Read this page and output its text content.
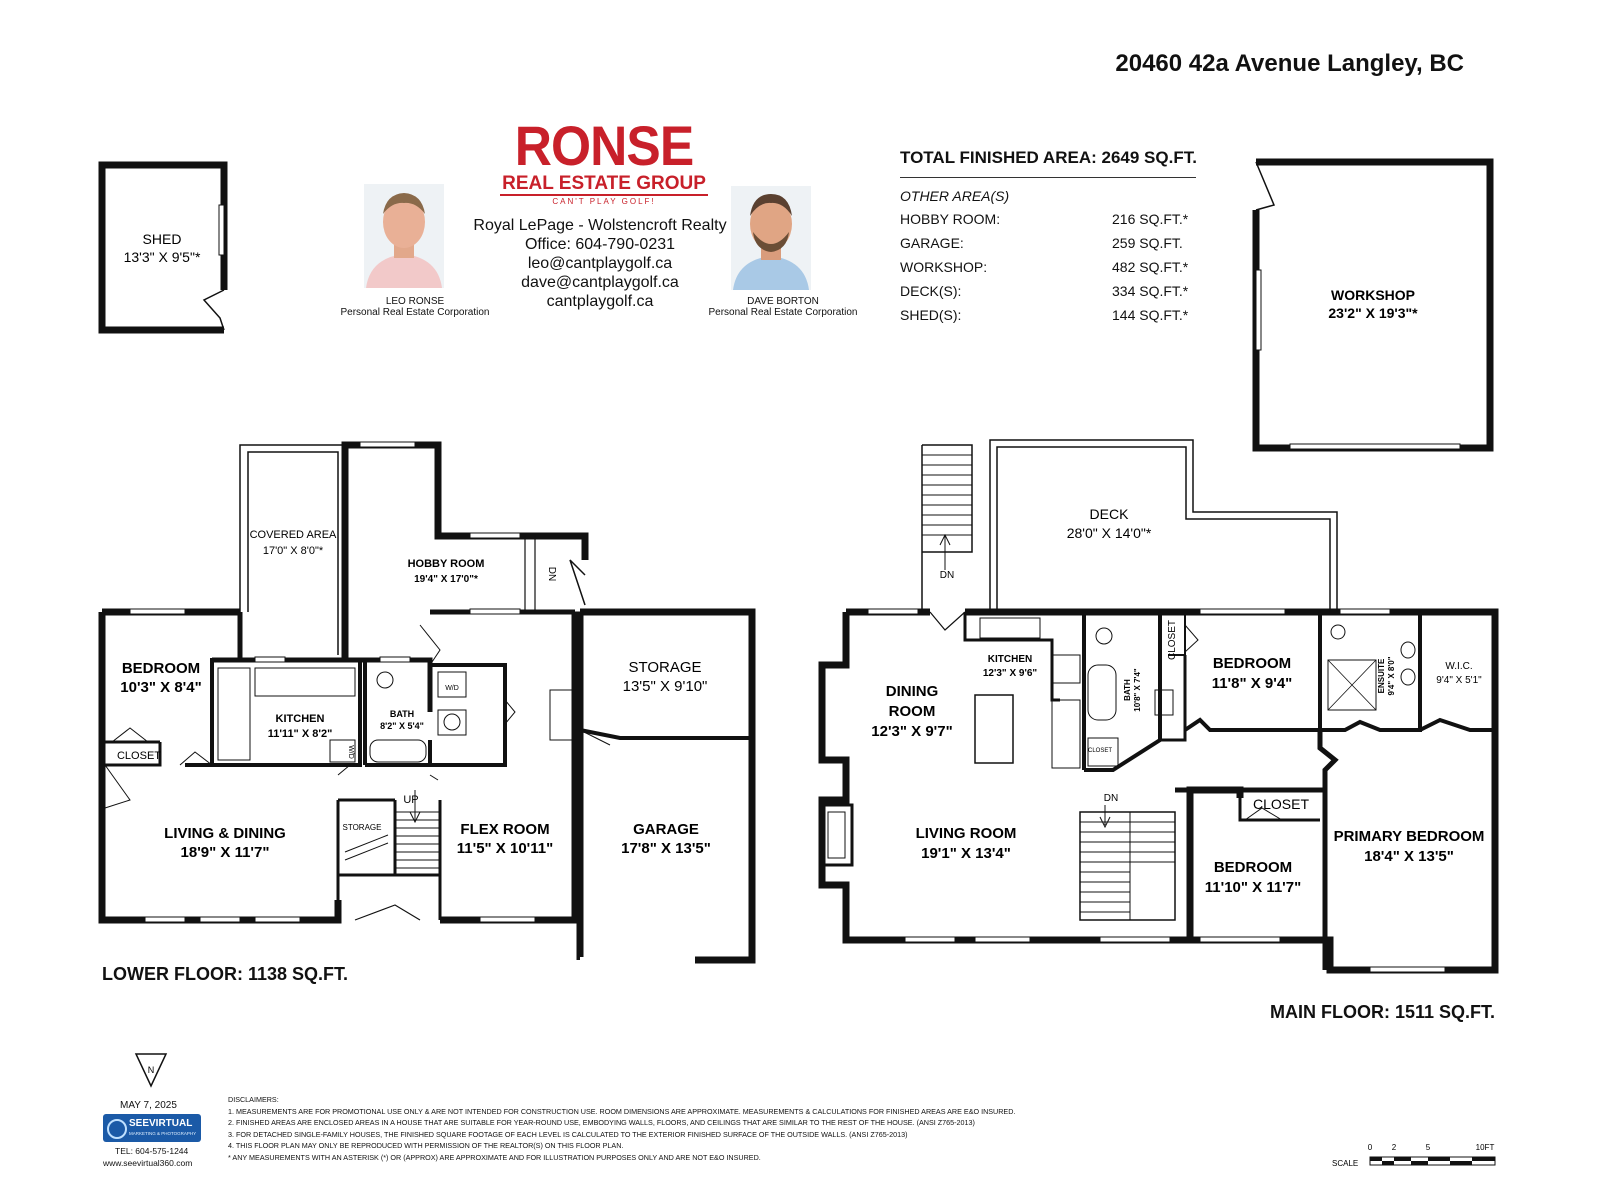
20460 42a Avenue Langley, BC
RONSE
REAL ESTATE GROUP
CAN'T PLAY GOLF!
LEO RONSE
Personal Real Estate Corporation
Royal LePage - Wolstencroft Realty
Office: 604-790-0231
leo@cantplaygolf.ca
dave@cantplaygolf.ca
cantplaygolf.ca	DAVE BORTON
Personal Real Estate Corporation
TOTAL FINISHED AREA: 2649 SQ.FT.
OTHER AREA(S)
HOBBY ROOM:	216 SQ.FT.*
GARAGE:	259 SQ.FT.
WORKSHOP:	482 SQ.FT.*
DECK(S):	334 SQ.FT.*
SHED(S):	144 SQ.FT.*
SHED
13'3" X 9'5"*
WORKSHOP
23'2" X 19'3"*
COVERED AREA
17'0" X 8'0"*
HOBBY ROOM
19'4" X 17'0"*	DN
BEDROOM
10'3" X 8'4"
CLOSET
KITCHEN
11'11" X 8'2"
BATH
8'2" X 5'4"
W/D
W/D
STORAGE
13'5" X 9'10"
LIVING & DINING
18'9" X 11'7"
STORAGE
UP
FLEX ROOM
11'5" X 10'11"
GARAGE
17'8" X 13'5"
DECK
28'0" X 14'0"*
DN
DINING
ROOM
12'3" X 9'7"
KITCHEN
12'3" X 9'6"
BATH 10'8" X 7'4"
CLOSET
BEDROOM
11'8" X 9'4"	ENSUITE 9'4" X 8'0"	W.I.C.
9'4" X 5'1"
CLOSET
DN
LIVING ROOM
19'1" X 13'4"
CLOSET
BEDROOM
11'10" X 11'7"
PRIMARY BEDROOM
18'4" X 13'5"
N
0 2	5	10FT
SCALE
LOWER FLOOR: 1138 SQ.FT.
MAIN FLOOR: 1511 SQ.FT.
MAY 7, 2025
SEEVIRTUAL
MARKETING & PHOTOGRAPHY
TEL: 604-575-1244
www.seevirtual360.com
DISCLAIMERS:
1. MEASUREMENTS ARE FOR PROMOTIONAL USE ONLY & ARE NOT INTENDED FOR CONSTRUCTION USE. ROOM DIMENSIONS ARE APPROXIMATE. MEASUREMENTS & CALCULATIONS FOR FINISHED AREAS ARE E&O INSURED.
2. FINISHED AREAS ARE ENCLOSED AREAS IN A HOUSE THAT ARE SUITABLE FOR YEAR-ROUND USE, EMBODYING WALLS, FLOORS, AND CEILINGS THAT ARE SIMILAR TO THE REST OF THE HOUSE. (ANSI Z765-2013)
3. FOR DETACHED SINGLE-FAMILY HOUSES, THE FINISHED SQUARE FOOTAGE OF EACH LEVEL IS CALCULATED TO THE EXTERIOR FINISHED SURFACE OF THE OUTSIDE WALLS. (ANSI Z765-2013)
4. THIS FLOOR PLAN MAY ONLY BE REPRODUCED WITH PERMISSION OF THE REALTOR(S) ON THIS FLOOR PLAN.
* ANY MEASUREMENTS WITH AN ASTERISK (*) OR (APPROX) ARE APPROXIMATE AND FOR ILLUSTRATION PURPOSES ONLY AND ARE NOT E&O INSURED.
